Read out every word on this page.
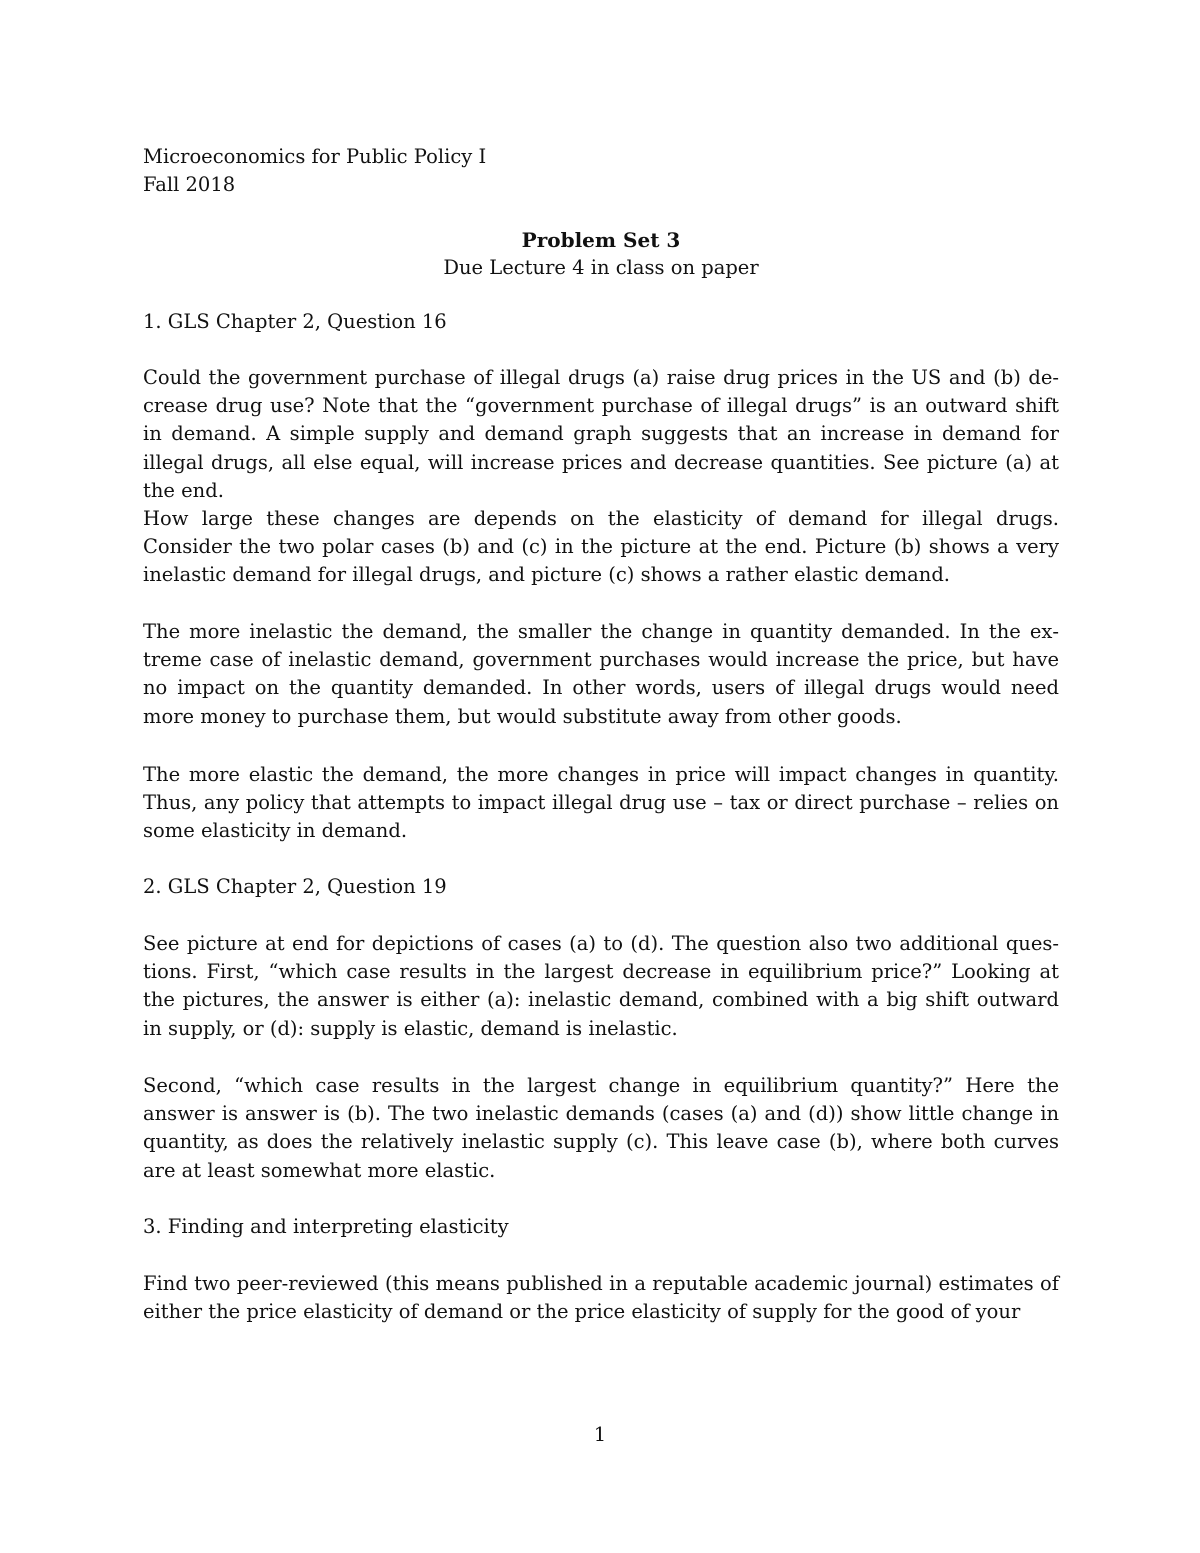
Microeconomics for Public Policy I
Fall 2018
Problem Set 3
Due Lecture 4 in class on paper

1. GLS Chapter 2, Question 16

Could the government purchase of illegal drugs (a) raise drug prices in the US and (b) decrease drug use? Note that the “government purchase of illegal drugs” is an outward shift in demand. A simple supply and demand graph suggests that an increase in demand for illegal drugs, all else equal, will increase prices and decrease quantities. See picture (a) at the end.

How large these changes are depends on the elasticity of demand for illegal drugs. Consider the two polar cases (b) and (c) in the picture at the end. Picture (b) shows a very inelastic demand for illegal drugs, and picture (c) shows a rather elastic demand.

The more inelastic the demand, the smaller the change in quantity demanded. In the extreme case of inelastic demand, government purchases would increase the price, but have no impact on the quantity demanded. In other words, users of illegal drugs would need more money to purchase them, but would substitute away from other goods.

The more elastic the demand, the more changes in price will impact changes in quantity. Thus, any policy that attempts to impact illegal drug use – tax or direct purchase – relies on some elasticity in demand.

2. GLS Chapter 2, Question 19

See picture at end for depictions of cases (a) to (d). The question also two additional questions. First, “which case results in the largest decrease in equilibrium price?” Looking at the pictures, the answer is either (a): inelastic demand, combined with a big shift outward in supply, or (d): supply is elastic, demand is inelastic.

Second, “which case results in the largest change in equilibrium quantity?” Here the answer is answer is (b). The two inelastic demands (cases (a) and (d)) show little change in quantity, as does the relatively inelastic supply (c). This leave case (b), where both curves are at least somewhat more elastic.

3. Finding and interpreting elasticity

Find two peer-reviewed (this means published in a reputable academic journal) estimates of either the price elasticity of demand or the price elasticity of supply for the good of your

1
